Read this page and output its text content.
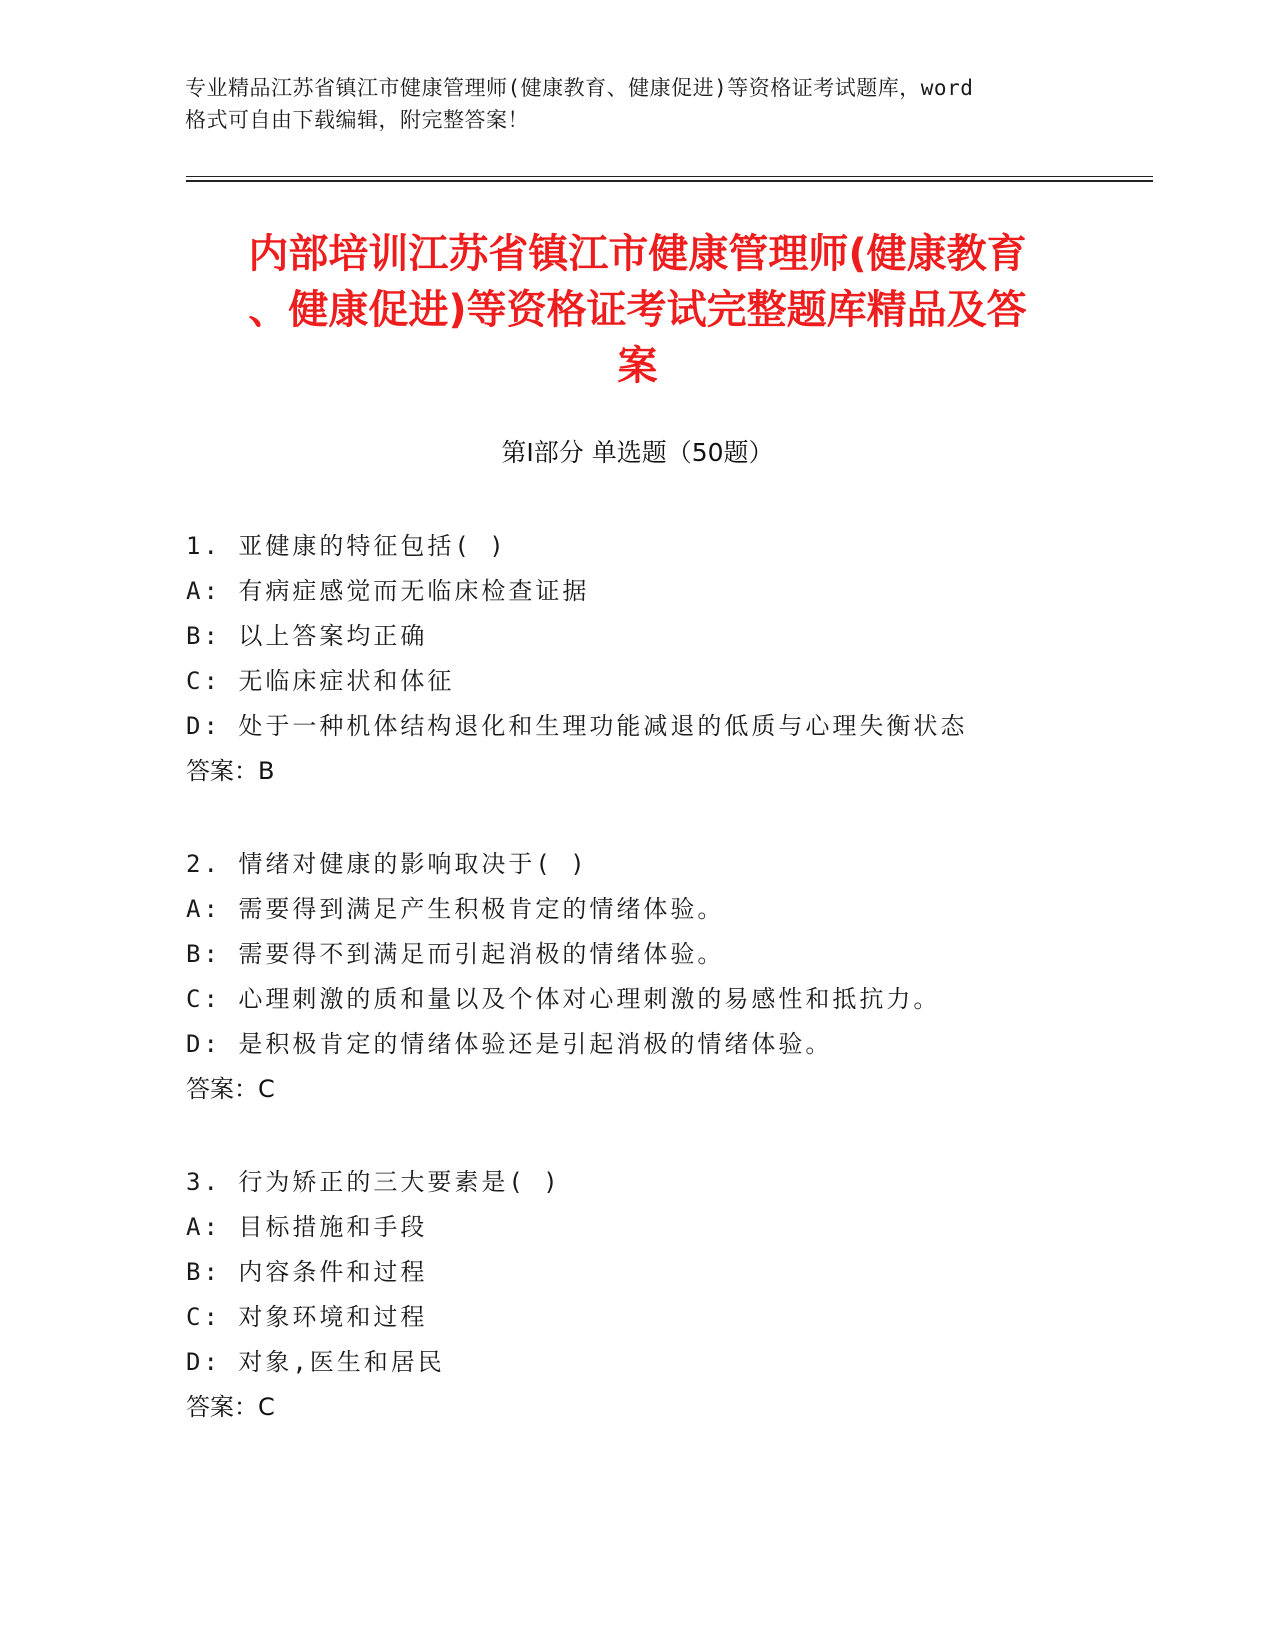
专业精品江苏省镇江市健康管理师(健康教育、健康促进)等资格证考试题库，word
格式可自由下载编辑，附完整答案！
内部培训江苏省镇江市健康管理师(健康教育
、健康促进)等资格证考试完整题库精品及答
案
第Ⅰ部分 单选题（50题）
1. 亚健康的特征包括( )
A: 有病症感觉而无临床检查证据
B: 以上答案均正确
C: 无临床症状和体征
D: 处于一种机体结构退化和生理功能减退的低质与心理失衡状态
答案：B
2. 情绪对健康的影响取决于( )
A: 需要得到满足产生积极肯定的情绪体验。
B: 需要得不到满足而引起消极的情绪体验。
C: 心理刺激的质和量以及个体对心理刺激的易感性和抵抗力。
D: 是积极肯定的情绪体验还是引起消极的情绪体验。
答案：C
3. 行为矫正的三大要素是( )
A: 目标措施和手段
B: 内容条件和过程
C: 对象环境和过程
D: 对象,医生和居民
答案：C
